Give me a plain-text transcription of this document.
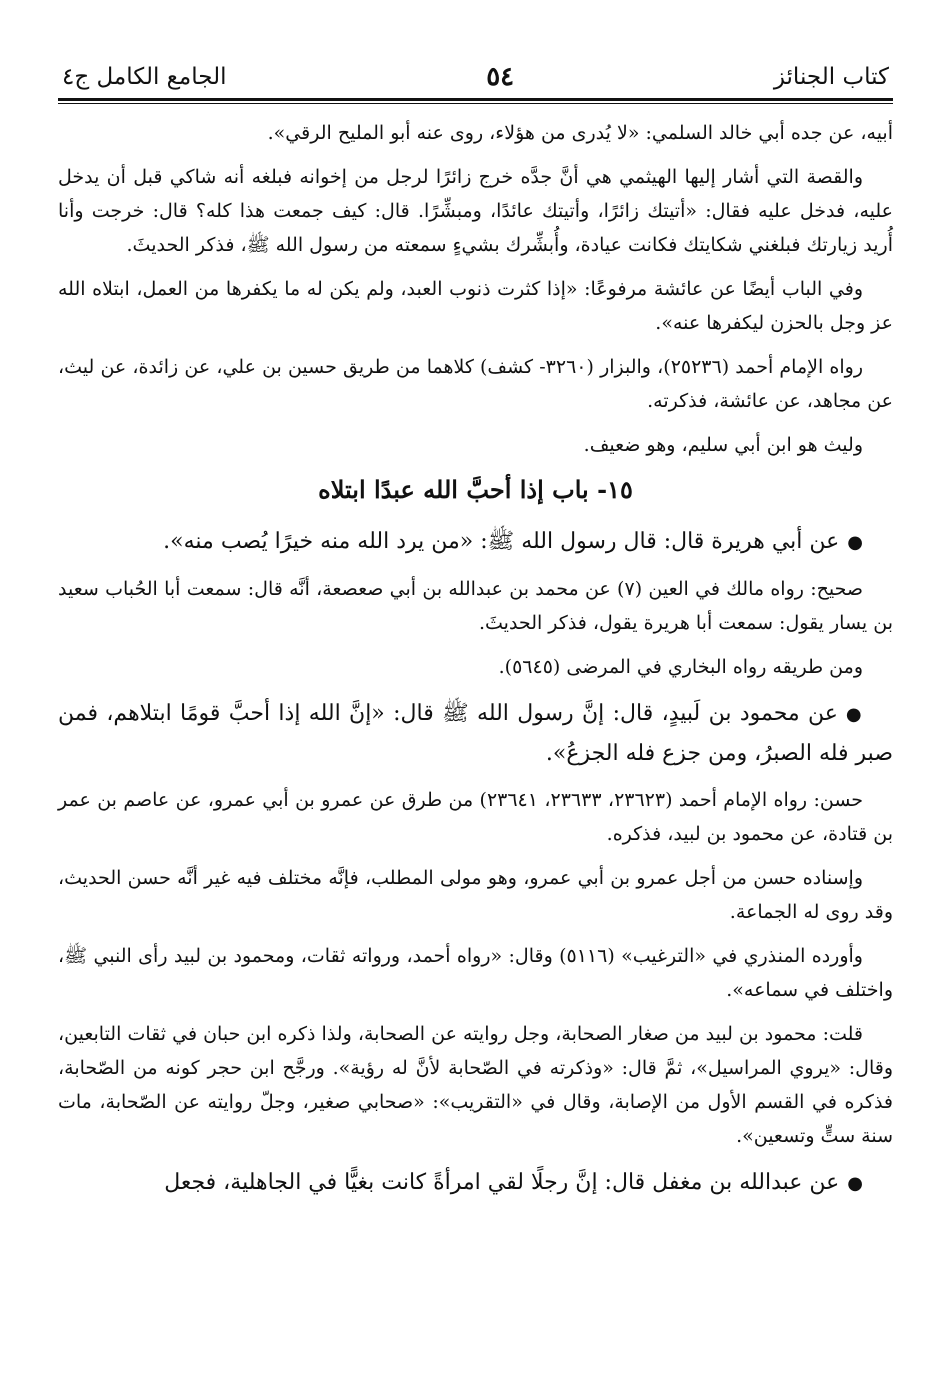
كتاب الجنائز
٥٤
الجامع الكامل ج٤

أبيه، عن جده أبي خالد السلمي: «لا يُدرى من هؤلاء، روى عنه أبو المليح الرقي».

والقصة التي أشار إليها الهيثمي هي أنَّ جدَّه خرج زائرًا لرجل من إخوانه فبلغه أنه شاكي قبل أن يدخل عليه، فدخل عليه فقال: «أتيتك زائرًا، وأتيتك عائدًا، ومبشِّرًا. قال: كيف جمعت هذا كله؟ قال: خرجت وأنا أُريد زيارتك فبلغني شكايتك فكانت عيادة، وأُبشِّرك بشيءٍ سمعته من رسول الله ﷺ، فذكر الحديثَ.

وفي الباب أيضًا عن عائشة مرفوعًا: «إذا كثرت ذنوب العبد، ولم يكن له ما يكفرها من العمل، ابتلاه الله عز وجل بالحزن ليكفرها عنه».

رواه الإمام أحمد (٢٥٢٣٦)، والبزار (٣٢٦٠- كشف) كلاهما من طريق حسين بن علي، عن زائدة، عن ليث، عن مجاهد، عن عائشة، فذكرته.

وليث هو ابن أبي سليم، وهو ضعيف.

١٥- باب إذا أحبَّ الله عبدًا ابتلاه

●عن أبي هريرة قال: قال رسول الله ﷺ: «من يرد الله منه خيرًا يُصب منه».

صحيح: رواه مالك في العين (٧) عن محمد بن عبدالله بن أبي صعصعة، أنَّه قال: سمعت أبا الحُباب سعيد بن يسار يقول: سمعت أبا هريرة يقول، فذكر الحديثَ.

ومن طريقه رواه البخاري في المرضى (٥٦٤٥).

●عن محمود بن لَبيدٍ، قال: إنَّ رسول الله ﷺ قال: «إنَّ الله إذا أحبَّ قومًا ابتلاهم، فمن صبر فله الصبرُ، ومن جزع فله الجزعُ».

حسن: رواه الإمام أحمد (٢٣٦٢٣، ٢٣٦٣٣، ٢٣٦٤١) من طرق عن عمرو بن أبي عمرو، عن عاصم بن عمر بن قتادة، عن محمود بن لبيد، فذكره.

وإسناده حسن من أجل عمرو بن أبي عمرو، وهو مولى المطلب، فإنَّه مختلف فيه غير أنَّه حسن الحديث، وقد روى له الجماعة.

وأورده المنذري في «الترغيب» (٥١١٦) وقال: «رواه أحمد، ورواته ثقات، ومحمود بن لبيد رأى النبي ﷺ، واختلف في سماعه».

قلت: محمود بن لبيد من صغار الصحابة، وجل روايته عن الصحابة، ولذا ذكره ابن حبان في ثقات التابعين، وقال: «يروي المراسيل»، ثمَّ قال: «وذكرته في الصّحابة لأنَّ له رؤية». ورجَّح ابن حجر كونه من الصّحابة، فذكره في القسم الأول من الإصابة، وقال في «التقريب»: «صحابي صغير، وجلّ روايته عن الصّحابة، مات سنة ستٍّ وتسعين».

●عن عبدالله بن مغفل قال: إنَّ رجلًا لقي امرأةً كانت بغيًّا في الجاهلية، فجعل
